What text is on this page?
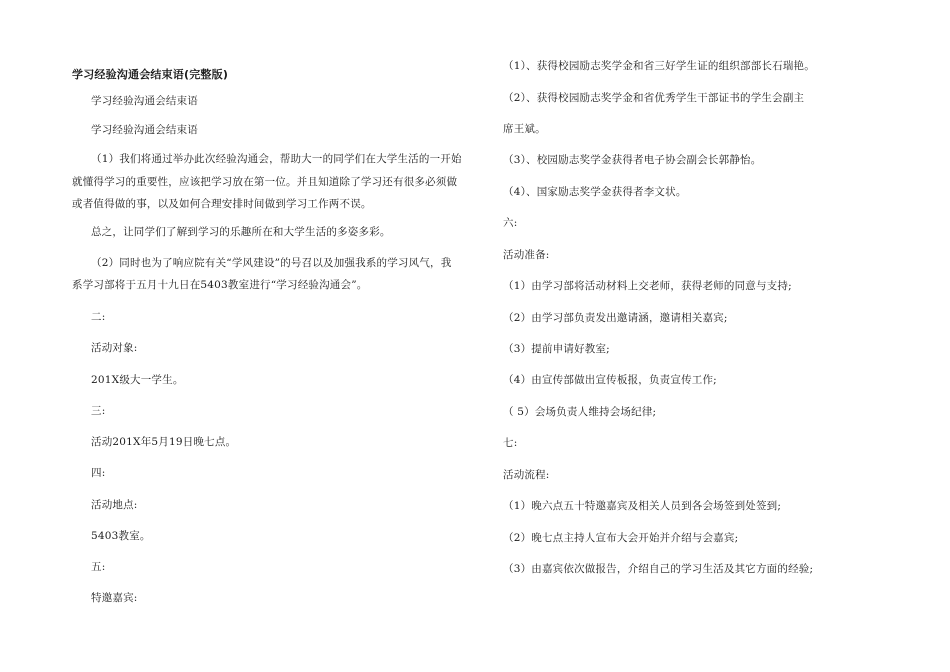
学习经验沟通会结束语(完整版)
学习经验沟通会结束语
学习经验沟通会结束语
（1）我们将通过举办此次经验沟通会，帮助大一的同学们在大学生活的一开始
就懂得学习的重要性，应该把学习放在第一位。并且知道除了学习还有很多必须做
或者值得做的事，以及如何合理安排时间做到学习工作两不误。
总之，让同学们了解到学习的乐趣所在和大学生活的多姿多彩。
（2）同时也为了响应院有关“学风建设”的号召以及加强我系的学习风气，我
系学习部将于五月十九日在5403教室进行“学习经验沟通会”。
二:
活动对象:
201X级大一学生。
三:
活动201X年5月19日晚七点。
四:
活动地点:
5403教室。
五:
特邀嘉宾:
（1）、获得校园励志奖学金和省三好学生证的组织部部长石瑞艳。
（2）、获得校园励志奖学金和省优秀学生干部证书的学生会副主
席王斌。
（3）、校园励志奖学金获得者电子协会副会长郭静怡。
（4）、国家励志奖学金获得者李文状。
六:
活动准备:
（1）由学习部将活动材料上交老师，获得老师的同意与支持;
（2）由学习部负责发出邀请涵，邀请相关嘉宾;
（3）提前申请好教室;
（4）由宣传部做出宣传板报，负责宣传工作;
（ 5）会场负责人维持会场纪律;
七:
活动流程:
（1）晚六点五十特邀嘉宾及相关人员到各会场签到处签到;
（2）晚七点主持人宣布大会开始并介绍与会嘉宾;
（3）由嘉宾依次做报告，介绍自己的学习生活及其它方面的经验;
